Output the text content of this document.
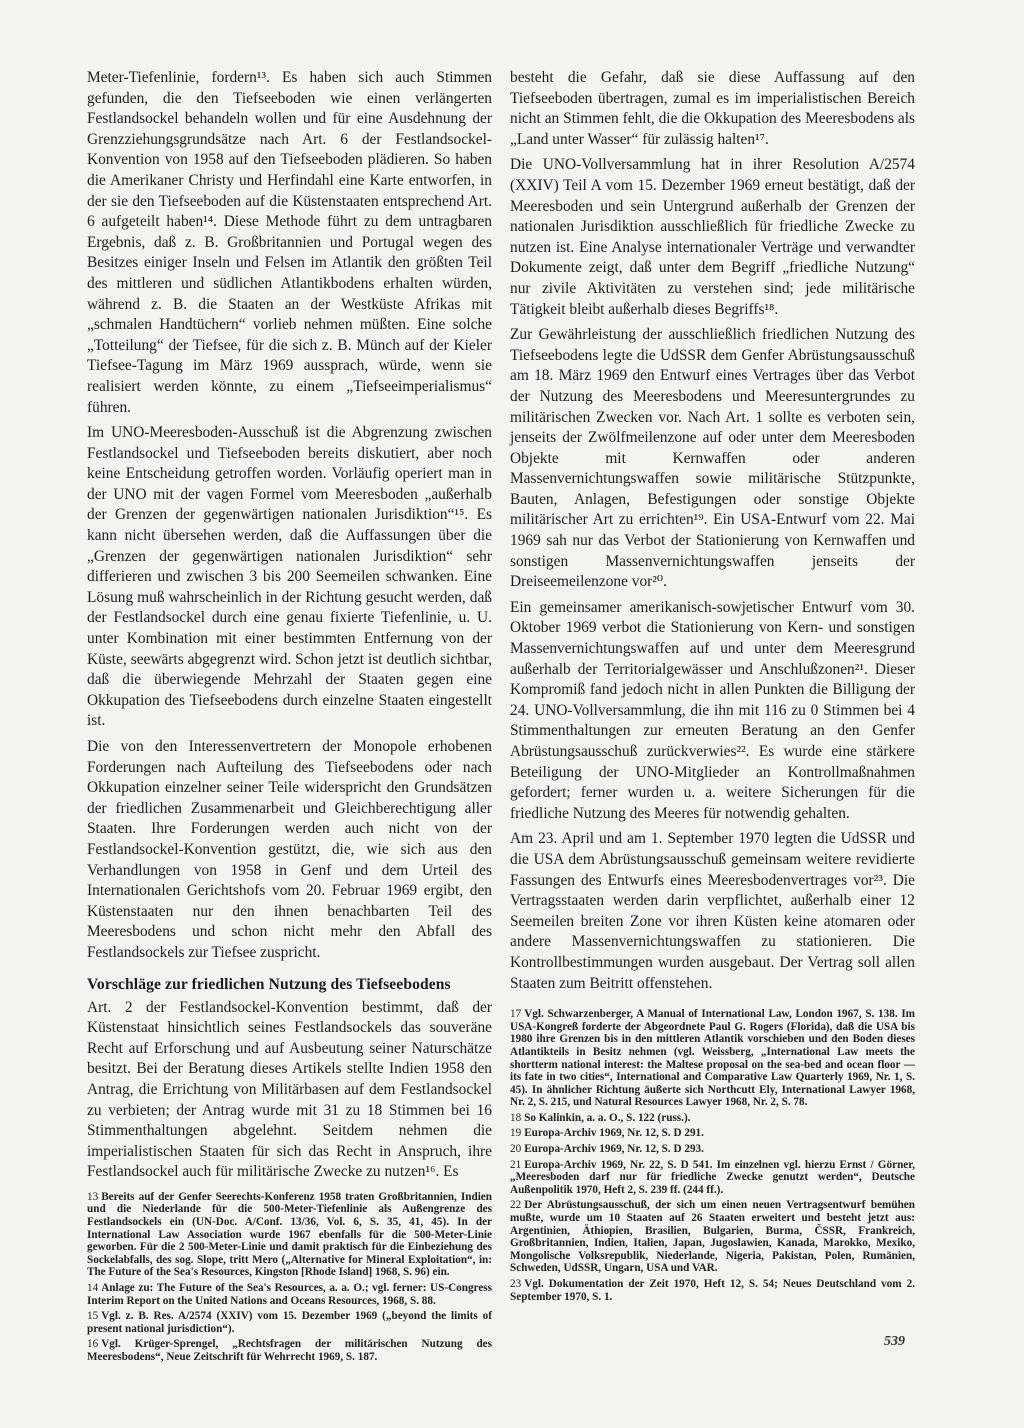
Meter-Tiefenlinie, fordern¹³. Es haben sich auch Stimmen gefunden, die den Tiefseeboden wie einen verlängerten Festlandsockel behandeln wollen und für eine Ausdehnung der Grenzziehungsgrundsätze nach Art. 6 der Festlandsockel-Konvention von 1958 auf den Tiefseeboden plädieren. So haben die Amerikaner Christy und Herfindahl eine Karte entworfen, in der sie den Tiefseeboden auf die Küstenstaaten entsprechend Art. 6 aufgeteilt haben¹⁴. Diese Methode führt zu dem untragbaren Ergebnis, daß z. B. Großbritannien und Portugal wegen des Besitzes einiger Inseln und Felsen im Atlantik den größten Teil des mittleren und südlichen Atlantikbodens erhalten würden, während z. B. die Staaten an der Westküste Afrikas mit „schmalen Handtüchern“ vorlieb nehmen müßten. Eine solche „Totteilung“ der Tiefsee, für die sich z. B. Münch auf der Kieler Tiefsee-Tagung im März 1969 aussprach, würde, wenn sie realisiert werden könnte, zu einem „Tiefseeimperialismus“ führen.

Im UNO-Meeresboden-Ausschuß ist die Abgrenzung zwischen Festlandsockel und Tiefseeboden bereits diskutiert, aber noch keine Entscheidung getroffen worden. Vorläufig operiert man in der UNO mit der vagen Formel vom Meeresboden „außerhalb der Grenzen der gegenwärtigen nationalen Jurisdiktion“¹⁵. Es kann nicht übersehen werden, daß die Auffassungen über die „Grenzen der gegenwärtigen nationalen Jurisdiktion“ sehr differieren und zwischen 3 bis 200 Seemeilen schwanken. Eine Lösung muß wahrscheinlich in der Richtung gesucht werden, daß der Festlandsockel durch eine genau fixierte Tiefenlinie, u. U. unter Kombination mit einer bestimmten Entfernung von der Küste, seewärts abgegrenzt wird. Schon jetzt ist deutlich sichtbar, daß die überwiegende Mehrzahl der Staaten gegen eine Okkupation des Tiefseebodens durch einzelne Staaten eingestellt ist.

Die von den Interessenvertretern der Monopole erhobenen Forderungen nach Aufteilung des Tiefseebodens oder nach Okkupation einzelner seiner Teile widerspricht den Grundsätzen der friedlichen Zusammenarbeit und Gleichberechtigung aller Staaten. Ihre Forderungen werden auch nicht von der Festlandsockel-Konvention gestützt, die, wie sich aus den Verhandlungen von 1958 in Genf und dem Urteil des Internationalen Gerichtshofs vom 20. Februar 1969 ergibt, den Küstenstaaten nur den ihnen benachbarten Teil des Meeresbodens und schon nicht mehr den Abfall des Festlandsockels zur Tiefsee zuspricht.

Vorschläge zur friedlichen Nutzung des Tiefseebodens

Art. 2 der Festlandsockel-Konvention bestimmt, daß der Küstenstaat hinsichtlich seines Festlandsockels das souveräne Recht auf Erforschung und auf Ausbeutung seiner Naturschätze besitzt. Bei der Beratung dieses Artikels stellte Indien 1958 den Antrag, die Errichtung von Militärbasen auf dem Festlandsockel zu verbieten; der Antrag wurde mit 31 zu 18 Stimmen bei 16 Stimmenthaltungen abgelehnt. Seitdem nehmen die imperialistischen Staaten für sich das Recht in Anspruch, ihre Festlandsockel auch für militärische Zwecke zu nutzen¹⁶. Es

13 Bereits auf der Genfer Seerechts-Konferenz 1958 traten Großbritannien, Indien und die Niederlande für die 500-Meter-Tiefenlinie als Außengrenze des Festlandsockels ein (UN-Doc. A/Conf. 13/36, Vol. 6, S. 35, 41, 45). In der International Law Association wurde 1967 ebenfalls für die 500-Meter-Linie geworben. Für die 2 500-Meter-Linie und damit praktisch für die Einbeziehung des Sockelabfalls, des sog. Slope, tritt Mero („Alternative for Mineral Exploitation“, in: The Future of the Sea's Resources, Kingston [Rhode Island] 1968, S. 96) ein.

14 Anlage zu: The Future of the Sea's Resources, a. a. O.; vgl. ferner: US-Congress Interim Report on the United Nations and Oceans Resources, 1968, S. 88.

15 Vgl. z. B. Res. A/2574 (XXIV) vom 15. Dezember 1969 („beyond the limits of present national jurisdiction“).

16 Vgl. Krüger-Sprengel, „Rechtsfragen der militärischen Nutzung des Meeresbodens“, Neue Zeitschrift für Wehrrecht 1969, S. 187.

besteht die Gefahr, daß sie diese Auffassung auf den Tiefseeboden übertragen, zumal es im imperialistischen Bereich nicht an Stimmen fehlt, die die Okkupation des Meeresbodens als „Land unter Wasser“ für zulässig halten¹⁷.

Die UNO-Vollversammlung hat in ihrer Resolution A/2574 (XXIV) Teil A vom 15. Dezember 1969 erneut bestätigt, daß der Meeresboden und sein Untergrund außerhalb der Grenzen der nationalen Jurisdiktion ausschließlich für friedliche Zwecke zu nutzen ist. Eine Analyse internationaler Verträge und verwandter Dokumente zeigt, daß unter dem Begriff „friedliche Nutzung“ nur zivile Aktivitäten zu verstehen sind; jede militärische Tätigkeit bleibt außerhalb dieses Begriffs¹⁸.

Zur Gewährleistung der ausschließlich friedlichen Nutzung des Tiefseebodens legte die UdSSR dem Genfer Abrüstungsausschuß am 18. März 1969 den Entwurf eines Vertrages über das Verbot der Nutzung des Meeresbodens und Meeresuntergrundes zu militärischen Zwecken vor. Nach Art. 1 sollte es verboten sein, jenseits der Zwölfmeilenzone auf oder unter dem Meeresboden Objekte mit Kernwaffen oder anderen Massenvernichtungswaffen sowie militärische Stützpunkte, Bauten, Anlagen, Befestigungen oder sonstige Objekte militärischer Art zu errichten¹⁹. Ein USA-Entwurf vom 22. Mai 1969 sah nur das Verbot der Stationierung von Kernwaffen und sonstigen Massenvernichtungswaffen jenseits der Dreiseemeilenzone vor²⁰.

Ein gemeinsamer amerikanisch-sowjetischer Entwurf vom 30. Oktober 1969 verbot die Stationierung von Kern- und sonstigen Massenvernichtungswaffen auf und unter dem Meeresgrund außerhalb der Territorialgewässer und Anschlußzonen²¹. Dieser Kompromiß fand jedoch nicht in allen Punkten die Billigung der 24. UNO-Vollversammlung, die ihn mit 116 zu 0 Stimmen bei 4 Stimmenthaltungen zur erneuten Beratung an den Genfer Abrüstungsausschuß zurückverwies²². Es wurde eine stärkere Beteiligung der UNO-Mitglieder an Kontrollmaßnahmen gefordert; ferner wurden u. a. weitere Sicherungen für die friedliche Nutzung des Meeres für notwendig gehalten.

Am 23. April und am 1. September 1970 legten die UdSSR und die USA dem Abrüstungsausschuß gemeinsam weitere revidierte Fassungen des Entwurfs eines Meeresbodenvertrages vor²³. Die Vertragsstaaten werden darin verpflichtet, außerhalb einer 12 Seemeilen breiten Zone vor ihren Küsten keine atomaren oder andere Massenvernichtungswaffen zu stationieren. Die Kontrollbestimmungen wurden ausgebaut. Der Vertrag soll allen Staaten zum Beitritt offenstehen.

17 Vgl. Schwarzenberger, A Manual of International Law, London 1967, S. 138. Im USA-Kongreß forderte der Abgeordnete Paul G. Rogers (Florida), daß die USA bis 1980 ihre Grenzen bis in den mittleren Atlantik vorschieben und den Boden dieses Atlantikteils in Besitz nehmen (vgl. Weissberg, „International Law meets the shortterm national interest: the Maltese proposal on the sea-bed and ocean floor — its fate in two cities“, International and Comparative Law Quarterly 1969, Nr. 1, S. 45). In ähnlicher Richtung äußerte sich Northcutt Ely, International Lawyer 1968, Nr. 2, S. 215, und Natural Resources Lawyer 1968, Nr. 2, S. 78.

18 So Kalinkin, a. a. O., S. 122 (russ.).

19 Europa-Archiv 1969, Nr. 12, S. D 291.

20 Europa-Archiv 1969, Nr. 12, S. D 293.

21 Europa-Archiv 1969, Nr. 22, S. D 541. Im einzelnen vgl. hierzu Ernst / Görner, „Meeresboden darf nur für friedliche Zwecke genutzt werden“, Deutsche Außenpolitik 1970, Heft 2, S. 239 ff. (244 ff.).

22 Der Abrüstungsausschuß, der sich um einen neuen Vertragsentwurf bemühen mußte, wurde um 10 Staaten auf 26 Staaten erweitert und besteht jetzt aus: Argentinien, Äthiopien, Brasilien, Bulgarien, Burma, ČSSR, Frankreich, Großbritannien, Indien, Italien, Japan, Jugoslawien, Kanada, Marokko, Mexiko, Mongolische Volksrepublik, Niederlande, Nigeria, Pakistan, Polen, Rumänien, Schweden, UdSSR, Ungarn, USA und VAR.

23 Vgl. Dokumentation der Zeit 1970, Heft 12, S. 54; Neues Deutschland vom 2. September 1970, S. 1.

539
